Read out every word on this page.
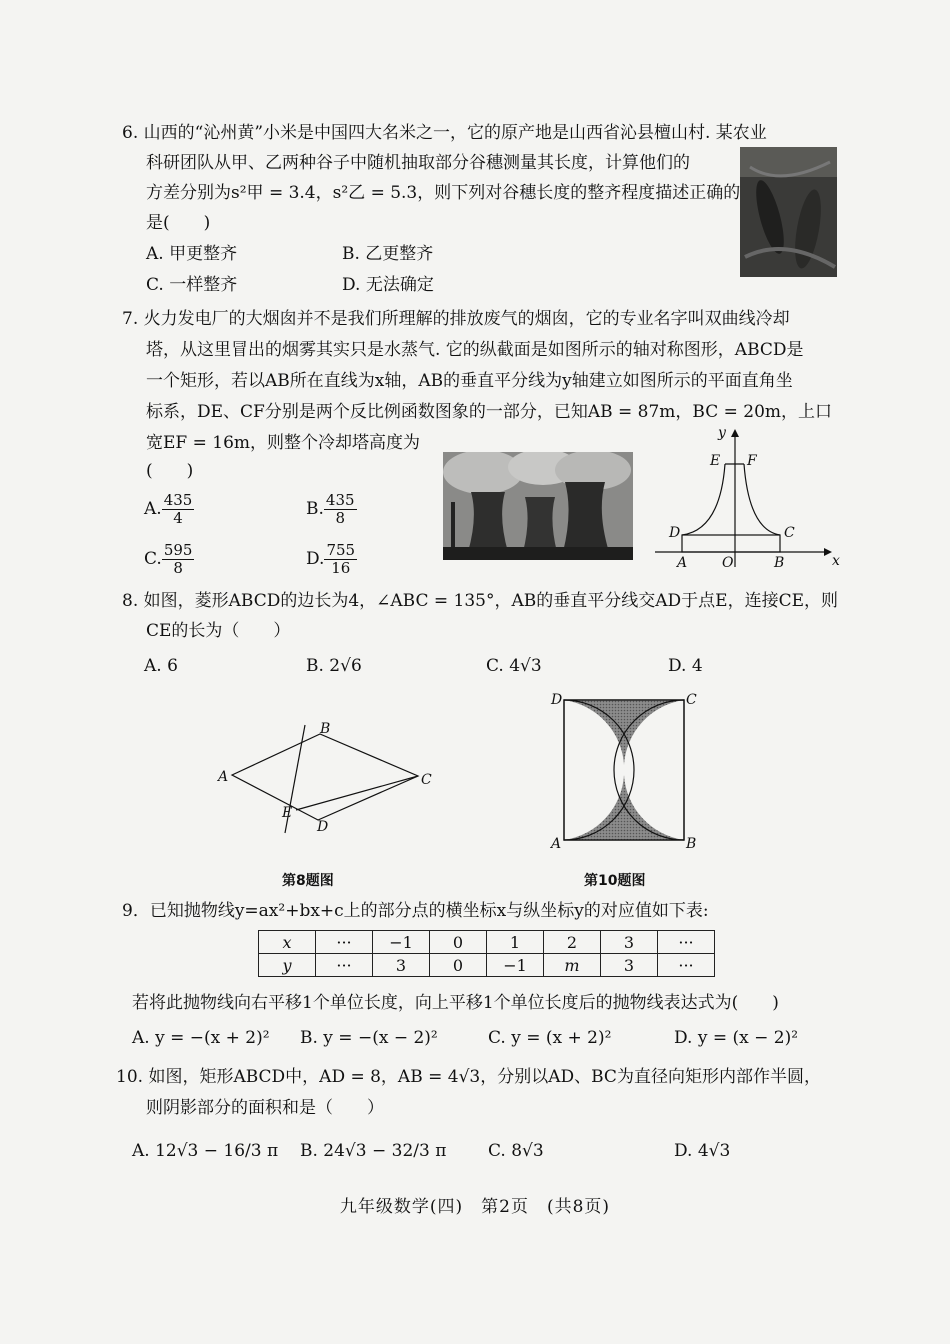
6. 山西的“沁州黄”小米是中国四大名米之一，它的原产地是山西省沁县檀山村. 某农业
科研团队从甲、乙两种谷子中随机抽取部分谷穗测量其长度，计算他们的
方差分别为s²甲 = 3.4，s²乙 = 5.3，则下列对谷穗长度的整齐程度描述正确的
是(　　)
A. 甲更整齐	B. 乙更整齐
C. 一样整齐	D. 无法确定
7. 火力发电厂的大烟囱并不是我们所理解的排放废气的烟囱，它的专业名字叫双曲线冷却
塔，从这里冒出的烟雾其实只是水蒸气. 它的纵截面是如图所示的轴对称图形，ABCD是
一个矩形，若以AB所在直线为x轴，AB的垂直平分线为y轴建立如图所示的平面直角坐
标系，DE、CF分别是两个反比例函数图象的一部分，已知AB = 87m，BC = 20m，上口
宽EF = 16m，则整个冷却塔高度为
(　　)
A. $\frac{435}{4}$	B. $\frac{435}{8}$
C. $\frac{595}{8}$	D. $\frac{755}{16}$
y
x
E F
D	C
A O	B
8. 如图，菱形ABCD的边长为4，∠ABC = 135°，AB的垂直平分线交AD于点E，连接CE，则
CE的长为（　　）
A. 6	B. 2√6	C. 4√3	D. 4
A
B
C
D
E
第8题图
D	C
A	B
第10题图
9．已知抛物线y=ax²+bx+c上的部分点的横坐标x与纵坐标y的对应值如下表:
x	···	−1	0	1	2	3	···
y	···	3	0	−1	m	3	···
若将此抛物线向右平移1个单位长度，向上平移1个单位长度后的抛物线表达式为(　　)
A. y = −(x + 2)² B. y = −(x − 2)²	C. y = (x + 2)²	D. y = (x − 2)²
10. 如图，矩形ABCD中，AD = 8，AB = 4√3，分别以AD、BC为直径向矩形内部作半圆，
则阴影部分的面积和是（　　）
A. 12√3 − 16/3 π B. 24√3 − 32/3 π C. 8√3	D. 4√3
九年级数学(四)　第2页　(共8页)
